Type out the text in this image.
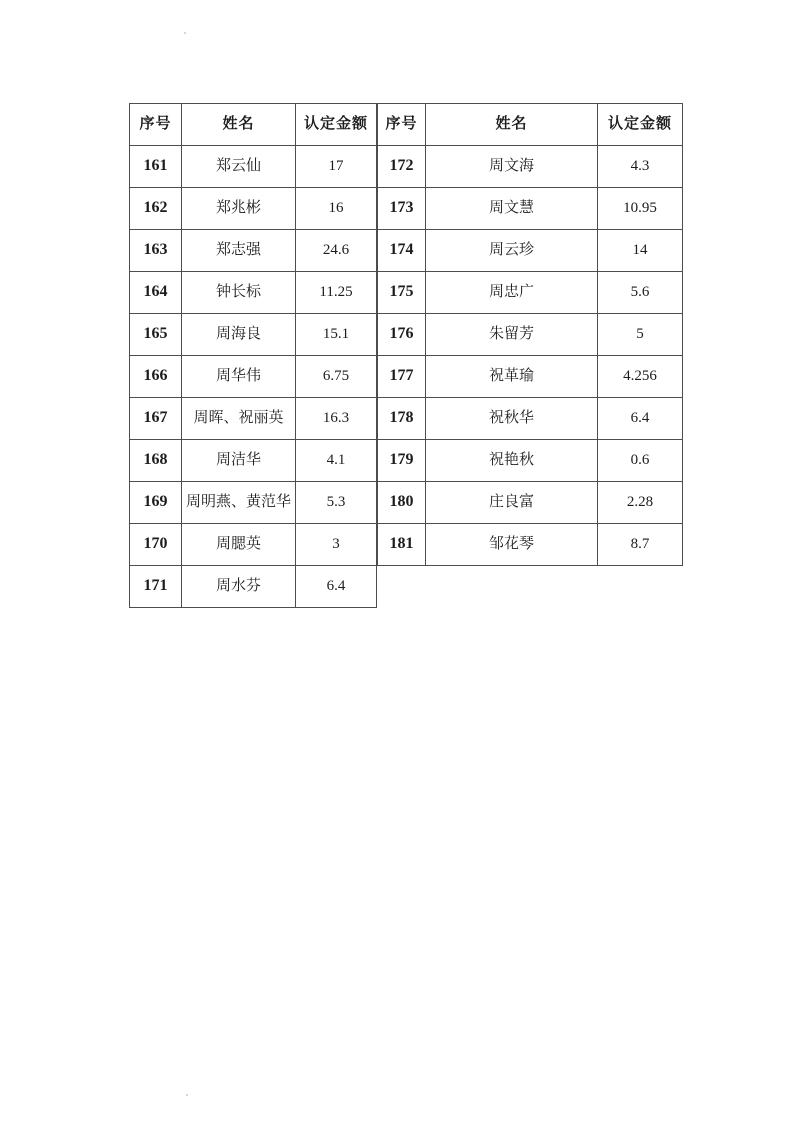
序号	姓名	认定金额
161	郑云仙	17
162	郑兆彬	16
163	郑志强	24.6
164	钟长标	11.25
165	周海良	15.1
166	周华伟	6.75
167	周晖、祝丽英	16.3
168	周洁华	4.1
169	周明燕、黄范华	5.3
170	周腮英	3
171	周水芬	6.4
序号	姓名	认定金额
172	周文海	4.3
173	周文慧	10.95
174	周云珍	14
175	周忠广	5.6
176	朱留芳	5
177	祝革瑜	4.256
178	祝秋华	6.4
179	祝艳秋	0.6
180	庄良富	2.28
181	邹花琴	8.7
